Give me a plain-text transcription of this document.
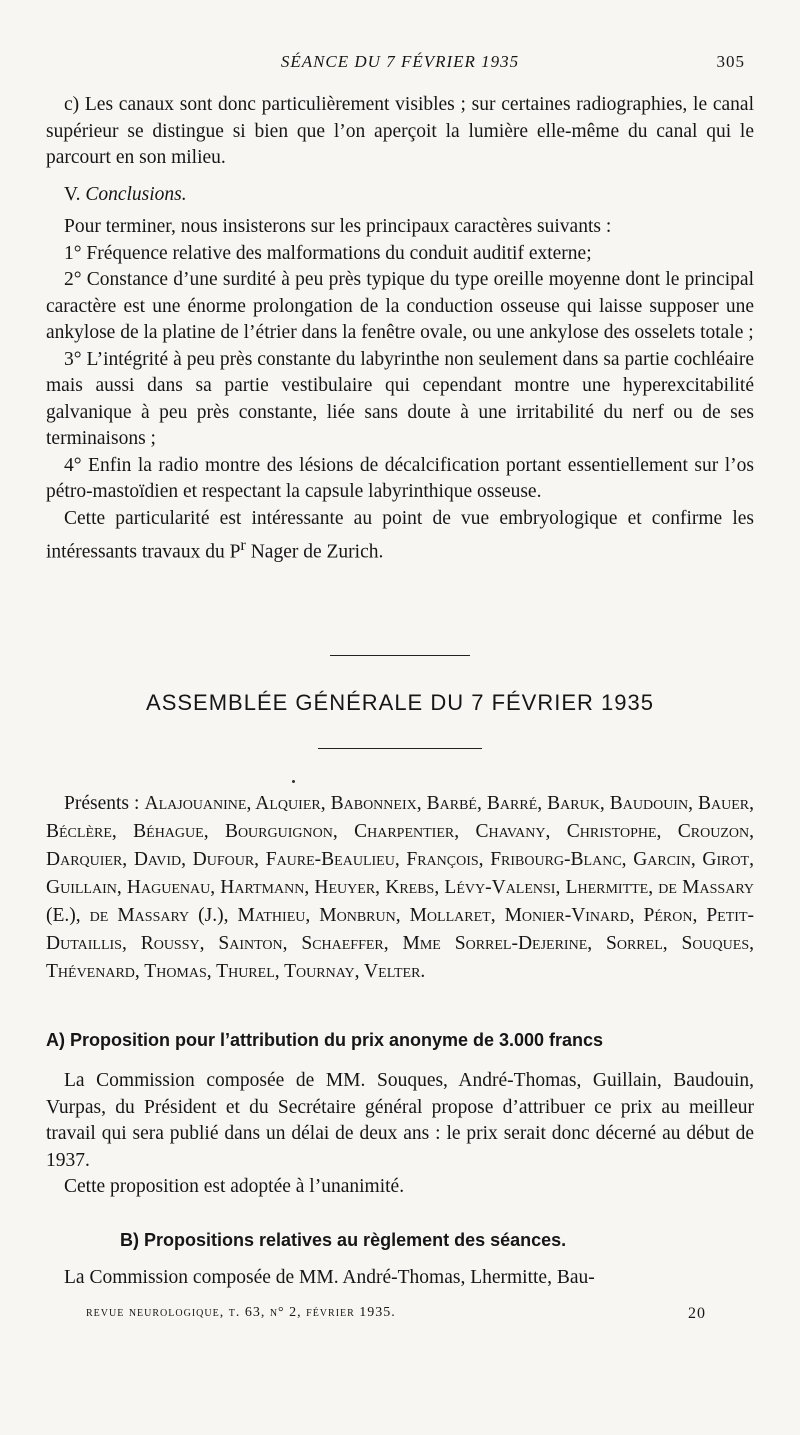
SÉANCE DU 7 FÉVRIER 1935	305

c) Les canaux sont donc particulièrement visibles ; sur certaines radiographies, le canal supérieur se distingue si bien que l’on aperçoit la lumière elle-même du canal qui le parcourt en son milieu.

V. Conclusions.

Pour terminer, nous insisterons sur les principaux caractères suivants :

1° Fréquence relative des malformations du conduit auditif externe;

2° Constance d’une surdité à peu près typique du type oreille moyenne dont le principal caractère est une énorme prolongation de la conduction osseuse qui laisse supposer une ankylose de la platine de l’étrier dans la fenêtre ovale, ou une ankylose des osselets totale ;

3° L’intégrité à peu près constante du labyrinthe non seulement dans sa partie cochléaire mais aussi dans sa partie vestibulaire qui cependant montre une hyperexcitabilité galvanique à peu près constante, liée sans doute à une irritabilité du nerf ou de ses terminaisons ;

4° Enfin la radio montre des lésions de décalcification portant essentiellement sur l’os pétro-mastoïdien et respectant la capsule labyrinthique osseuse.

Cette particularité est intéressante au point de vue embryologique et confirme les intéressants travaux du $P^r$ Nager de Zurich.

ASSEMBLÉE GÉNÉRALE DU 7 FÉVRIER 1935
Présents : Alajouanine, Alquier, Babonneix, Barbé, Barré, Baruk, Baudouin, Bauer, Béclère, Béhague, Bourguignon, Charpentier, Chavany, Christophe, Crouzon, Darquier, David, Dufour, Faure-Beaulieu, François, Fribourg-Blanc, Garcin, Girot, Guillain, Haguenau, Hartmann, Heuyer, Krebs, Lévy-Valensi, Lhermitte, de Massary (E.), de Massary (J.), Mathieu, Monbrun, Mollaret, Monier-Vinard, Péron, Petit-Dutaillis, Roussy, Sainton, Schaeffer, Mme Sorrel-Dejerine, Sorrel, Souques, Thévenard, Thomas, Thurel, Tournay, Velter.
A) Proposition pour l’attribution du prix anonyme de 3.000 francs

La Commission composée de MM. Souques, André-Thomas, Guillain, Baudouin, Vurpas, du Président et du Secrétaire général propose d’attribuer ce prix au meilleur travail qui sera publié dans un délai de deux ans : le prix serait donc décerné au début de 1937.

Cette proposition est adoptée à l’unanimité.

B) Propositions relatives au règlement des séances.

La Commission composée de MM. André-Thomas, Lhermitte, Bau-

revue neurologique, t. 63, n° 2, février 1935.	20
